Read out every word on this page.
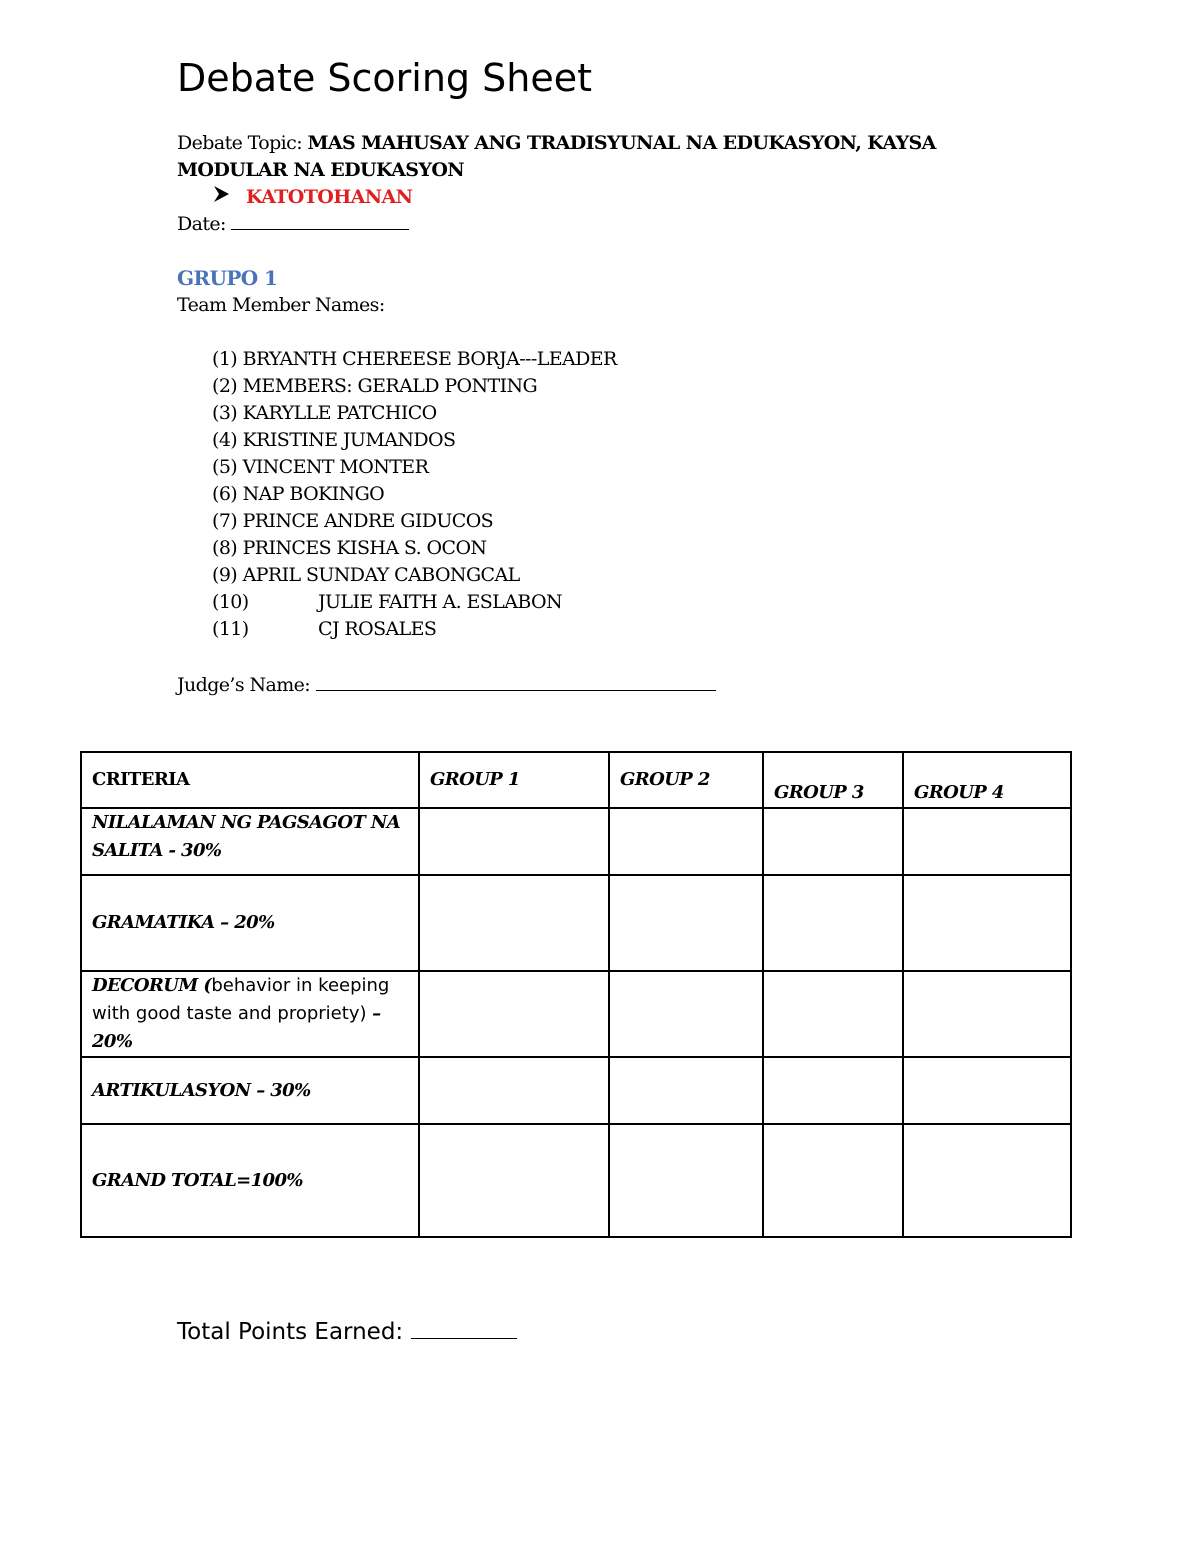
Debate Scoring Sheet
Debate Topic: MAS MAHUSAY ANG TRADISYUNAL NA EDUKASYON, KAYSA
MODULAR NA EDUKASYON
KATOTOHANAN
Date:
GRUPO 1
Team Member Names:
(1) BRYANTH CHEREESE BORJA---LEADER
(2) MEMBERS: GERALD PONTING
(3) KARYLLE PATCHICO
(4) KRISTINE JUMANDOS
(5) VINCENT MONTER
(6) NAP BOKINGO
(7) PRINCE ANDRE GIDUCOS
(8) PRINCES KISHA S. OCON
(9) APRIL SUNDAY CABONGCAL
(10)	JULIE FAITH A. ESLABON
(11)	CJ ROSALES
Judge’s Name:
CRITERIA	GROUP 1	GROUP 2	GROUP 3	GROUP 4
NILALAMAN NG PAGSAGOT NA SALITA - 30%				
GRAMATIKA – 20%				
DECORUM (behavior in keeping with good taste and propriety) – 20%				
ARTIKULASYON – 30%				
GRAND TOTAL=100%				
Total Points Earned:
